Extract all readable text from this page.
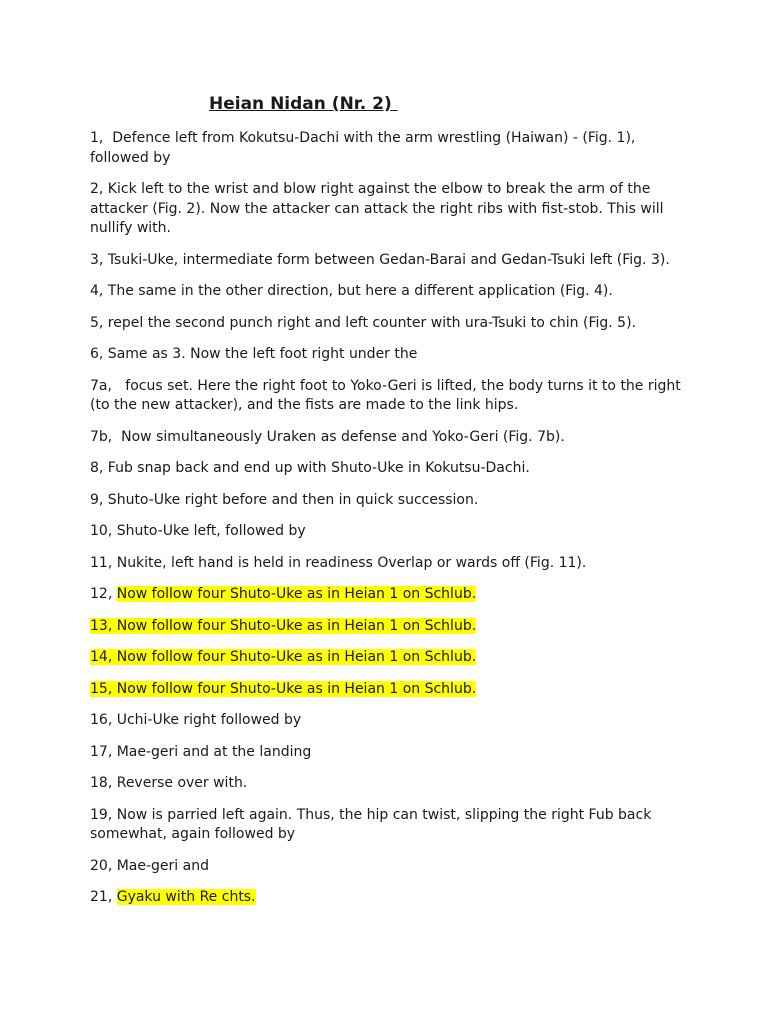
Heian Nidan (Nr. 2)
1,  Defence left from Kokutsu-Dachi with the arm wrestling (Haiwan) - (Fig. 1), followed by
2, Kick left to the wrist and blow right against the elbow to break the arm of the attacker (Fig. 2). Now the attacker can attack the right ribs with fist-stob. This will nullify with.
3, Tsuki-Uke, intermediate form between Gedan-Barai and Gedan-Tsuki left (Fig. 3).
4, The same in the other direction, but here a different application (Fig. 4).
5, repel the second punch right and left counter with ura-Tsuki to chin (Fig. 5).
6, Same as 3. Now the left foot right under the
7a,   focus set. Here the right foot to Yoko-Geri is lifted, the body turns it to the right (to the new attacker), and the fists are made to the link hips.
7b,  Now simultaneously Uraken as defense and Yoko-Geri (Fig. 7b).
8, Fub snap back and end up with Shuto-Uke in Kokutsu-Dachi.
9, Shuto-Uke right before and then in quick succession.
10, Shuto-Uke left, followed by
11, Nukite, left hand is held in readiness Overlap or wards off (Fig. 11).
12, Now follow four Shuto-Uke as in Heian 1 on Schlub.
13, Now follow four Shuto-Uke as in Heian 1 on Schlub.
14, Now follow four Shuto-Uke as in Heian 1 on Schlub.
15, Now follow four Shuto-Uke as in Heian 1 on Schlub.
16, Uchi-Uke right followed by
17, Mae-geri and at the landing
18, Reverse over with.
19, Now is parried left again. Thus, the hip can twist, slipping the right Fub back somewhat, again followed by
20, Mae-geri and
21, Gyaku with Re chts.
